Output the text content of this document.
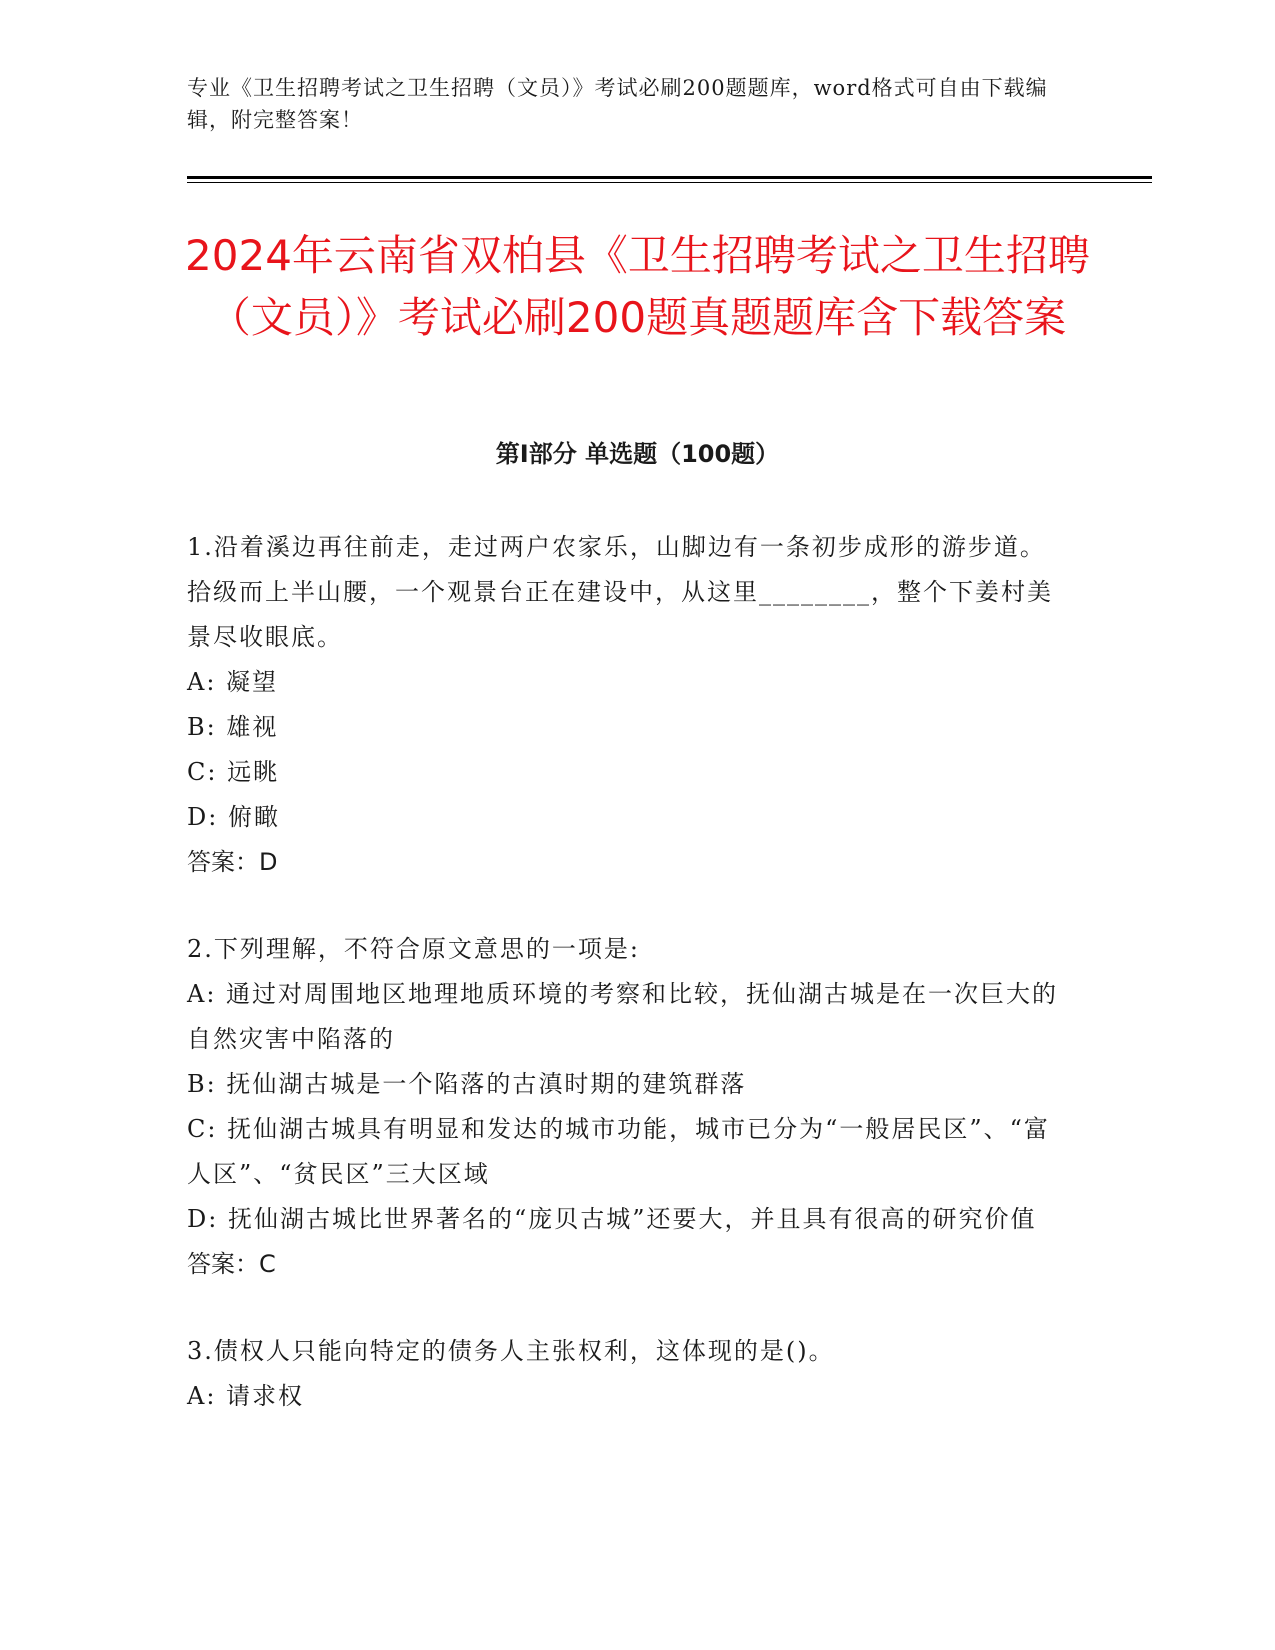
专业《卫生招聘考试之卫生招聘（文员）》考试必刷200题题库，word格式可自由下载编辑，附完整答案！
2024年云南省双柏县《卫生招聘考试之卫生招聘（文员）》考试必刷200题真题题库含下载答案
第Ⅰ部分 单选题（100题）

1.沿着溪边再往前走，走过两户农家乐，山脚边有一条初步成形的游步道。拾级而上半山腰，一个观景台正在建设中，从这里________，整个下姜村美景尽收眼底。

A: 凝望

B: 雄视

C: 远眺

D: 俯瞰

答案：D

2.下列理解，不符合原文意思的一项是:

A: 通过对周围地区地理地质环境的考察和比较，抚仙湖古城是在一次巨大的自然灾害中陷落的

B: 抚仙湖古城是一个陷落的古滇时期的建筑群落

C: 抚仙湖古城具有明显和发达的城市功能，城市已分为“一般居民区”、“富人区”、“贫民区”三大区域

D: 抚仙湖古城比世界著名的“庞贝古城”还要大，并且具有很高的研究价值

答案：C

3.债权人只能向特定的债务人主张权利，这体现的是()。

A: 请求权
